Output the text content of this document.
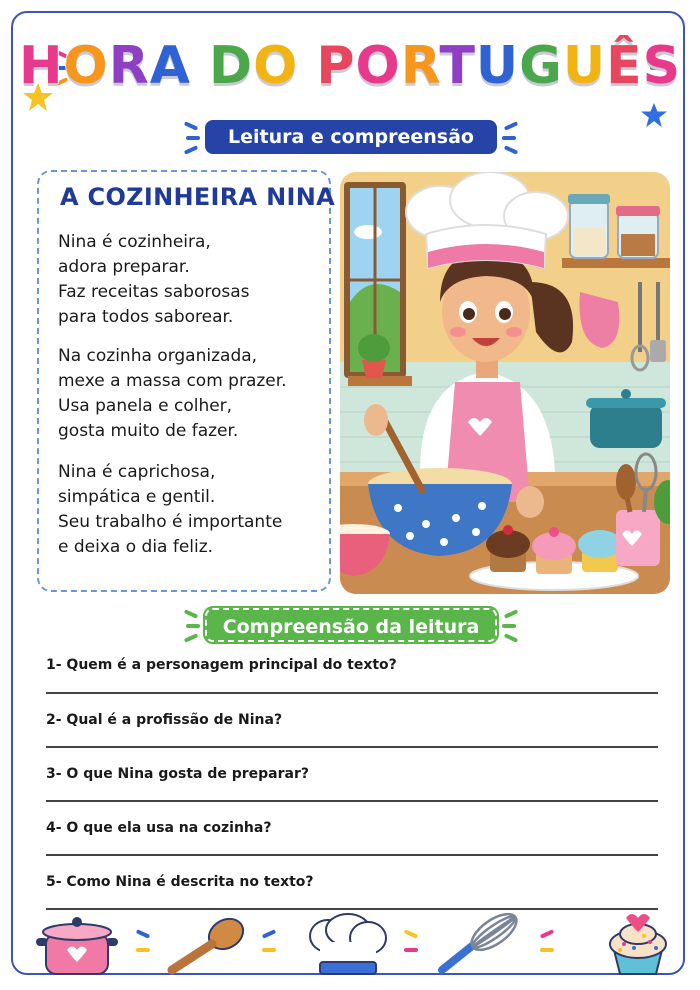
HORA DO PORTUGUÊS
Leitura e compreensão
A COZINHEIRA NINA
Nina é cozinheira,
adora preparar.
Faz receitas saborosas
para todos saborear.
Na cozinha organizada,
mexe a massa com prazer.
Usa panela e colher,
gosta muito de fazer.
Nina é caprichosa,
simpática e gentil.
Seu trabalho é importante
e deixa o dia feliz.
Compreensão da leitura
1- Quem é a personagem principal do texto?
2- Qual é a profissão de Nina?
3- O que Nina gosta de preparar?
4- O que ela usa na cozinha?
5- Como Nina é descrita no texto?
